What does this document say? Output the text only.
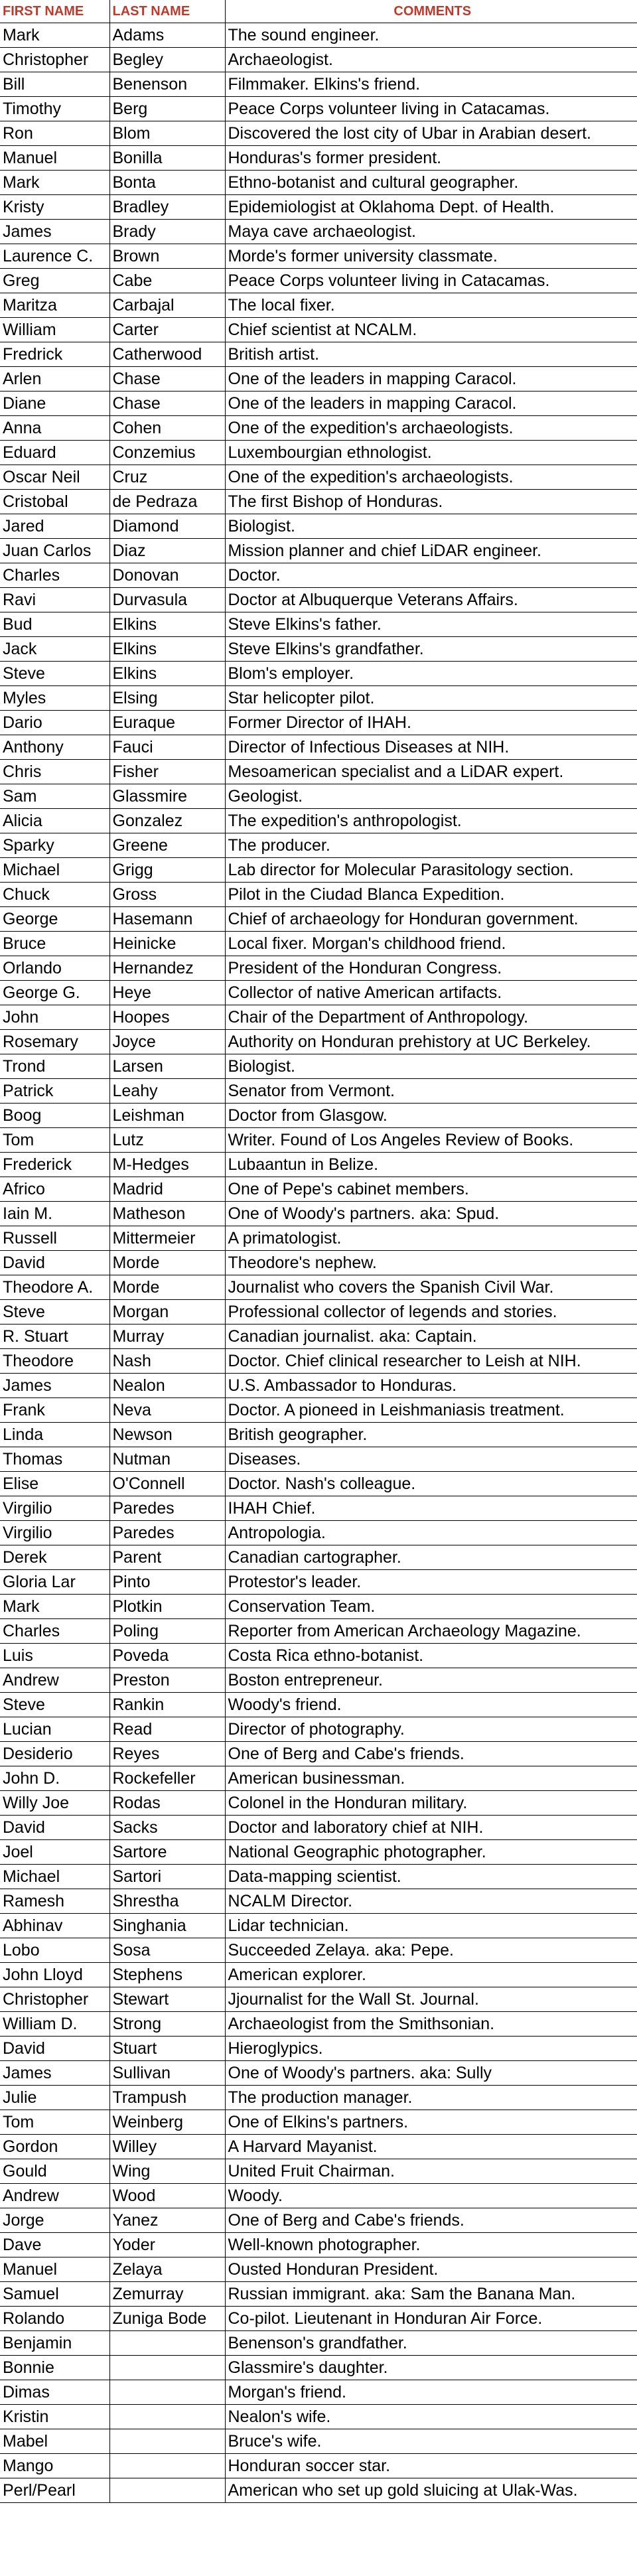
FIRST NAME	LAST NAME	COMMENTS
Mark	Adams	The sound engineer.
Christopher	Begley	Archaeologist.
Bill	Benenson	Filmmaker. Elkins's friend.
Timothy	Berg	Peace Corps volunteer living in Catacamas.
Ron	Blom	Discovered the lost city of Ubar in Arabian desert.
Manuel	Bonilla	Honduras's former president.
Mark	Bonta	Ethno-botanist and cultural geographer.
Kristy	Bradley	Epidemiologist at Oklahoma Dept. of Health.
James	Brady	Maya cave archaeologist.
Laurence C.	Brown	Morde's former university classmate.
Greg	Cabe	Peace Corps volunteer living in Catacamas.
Maritza	Carbajal	The local fixer.
William	Carter	Chief scientist at NCALM.
Fredrick	Catherwood	British artist.
Arlen	Chase	One of the leaders in mapping Caracol.
Diane	Chase	One of the leaders in mapping Caracol.
Anna	Cohen	One of the expedition's archaeologists.
Eduard	Conzemius	Luxembourgian ethnologist.
Oscar Neil	Cruz	One of the expedition's archaeologists.
Cristobal	de Pedraza	The first Bishop of Honduras.
Jared	Diamond	Biologist.
Juan Carlos	Diaz	Mission planner and chief LiDAR engineer.
Charles	Donovan	Doctor.
Ravi	Durvasula	Doctor at Albuquerque Veterans Affairs.
Bud	Elkins	Steve Elkins's father.
Jack	Elkins	Steve Elkins's grandfather.
Steve	Elkins	Blom's employer.
Myles	Elsing	Star helicopter pilot.
Dario	Euraque	Former Director of IHAH.
Anthony	Fauci	Director of Infectious Diseases at NIH.
Chris	Fisher	Mesoamerican specialist and a LiDAR expert.
Sam	Glassmire	Geologist.
Alicia	Gonzalez	The expedition's anthropologist.
Sparky	Greene	The producer.
Michael	Grigg	Lab director for Molecular Parasitology section.
Chuck	Gross	Pilot in the Ciudad Blanca Expedition.
George	Hasemann	Chief of archaeology for Honduran government.
Bruce	Heinicke	Local fixer. Morgan's childhood friend.
Orlando	Hernandez	President of the Honduran Congress.
George G.	Heye	Collector of native American artifacts.
John	Hoopes	Chair of the Department of Anthropology.
Rosemary	Joyce	Authority on Honduran prehistory at UC Berkeley.
Trond	Larsen	Biologist.
Patrick	Leahy	Senator from Vermont.
Boog	Leishman	Doctor from Glasgow.
Tom	Lutz	Writer. Found of Los Angeles Review of Books.
Frederick	M-Hedges	Lubaantun in Belize.
Africo	Madrid	One of Pepe's cabinet members.
Iain M.	Matheson	One of Woody's partners. aka: Spud.
Russell	Mittermeier	A primatologist.
David	Morde	Theodore's nephew.
Theodore A.	Morde	Journalist who covers the Spanish Civil War.
Steve	Morgan	Professional collector of legends and stories.
R. Stuart	Murray	Canadian journalist. aka: Captain.
Theodore	Nash	Doctor. Chief clinical researcher to Leish at NIH.
James	Nealon	U.S. Ambassador to Honduras.
Frank	Neva	Doctor. A pioneed in Leishmaniasis treatment.
Linda	Newson	British geographer.
Thomas	Nutman	Diseases.
Elise	O'Connell	Doctor. Nash's colleague.
Virgilio	Paredes	IHAH Chief.
Virgilio	Paredes	Antropologia.
Derek	Parent	Canadian cartographer.
Gloria Lar	Pinto	Protestor's leader.
Mark	Plotkin	Conservation Team.
Charles	Poling	Reporter from American Archaeology Magazine.
Luis	Poveda	Costa Rica ethno-botanist.
Andrew	Preston	Boston entrepreneur.
Steve	Rankin	Woody's friend.
Lucian	Read	Director of photography.
Desiderio	Reyes	One of Berg and Cabe's friends.
John D.	Rockefeller	American businessman.
Willy Joe	Rodas	Colonel in the Honduran military.
David	Sacks	Doctor and laboratory chief at NIH.
Joel	Sartore	National Geographic photographer.
Michael	Sartori	Data-mapping scientist.
Ramesh	Shrestha	NCALM Director.
Abhinav	Singhania	Lidar technician.
Lobo	Sosa	Succeeded Zelaya. aka: Pepe.
John Lloyd	Stephens	American explorer.
Christopher	Stewart	Jjournalist for the Wall St. Journal.
William D.	Strong	Archaeologist from the Smithsonian.
David	Stuart	Hieroglypics.
James	Sullivan	One of Woody's partners. aka: Sully
Julie	Trampush	The production manager.
Tom	Weinberg	One of Elkins's partners.
Gordon	Willey	A Harvard Mayanist.
Gould	Wing	United Fruit Chairman.
Andrew	Wood	Woody.
Jorge	Yanez	One of Berg and Cabe's friends.
Dave	Yoder	Well-known photographer.
Manuel	Zelaya	Ousted Honduran President.
Samuel	Zemurray	Russian immigrant. aka: Sam the Banana Man.
Rolando	Zuniga Bode	Co-pilot. Lieutenant in Honduran Air Force.
Benjamin		Benenson's grandfather.
Bonnie		Glassmire's daughter.
Dimas		Morgan's friend.
Kristin		Nealon's wife.
Mabel		Bruce's wife.
Mango		Honduran soccer star.
Perl/Pearl		American who set up gold sluicing at Ulak-Was.
